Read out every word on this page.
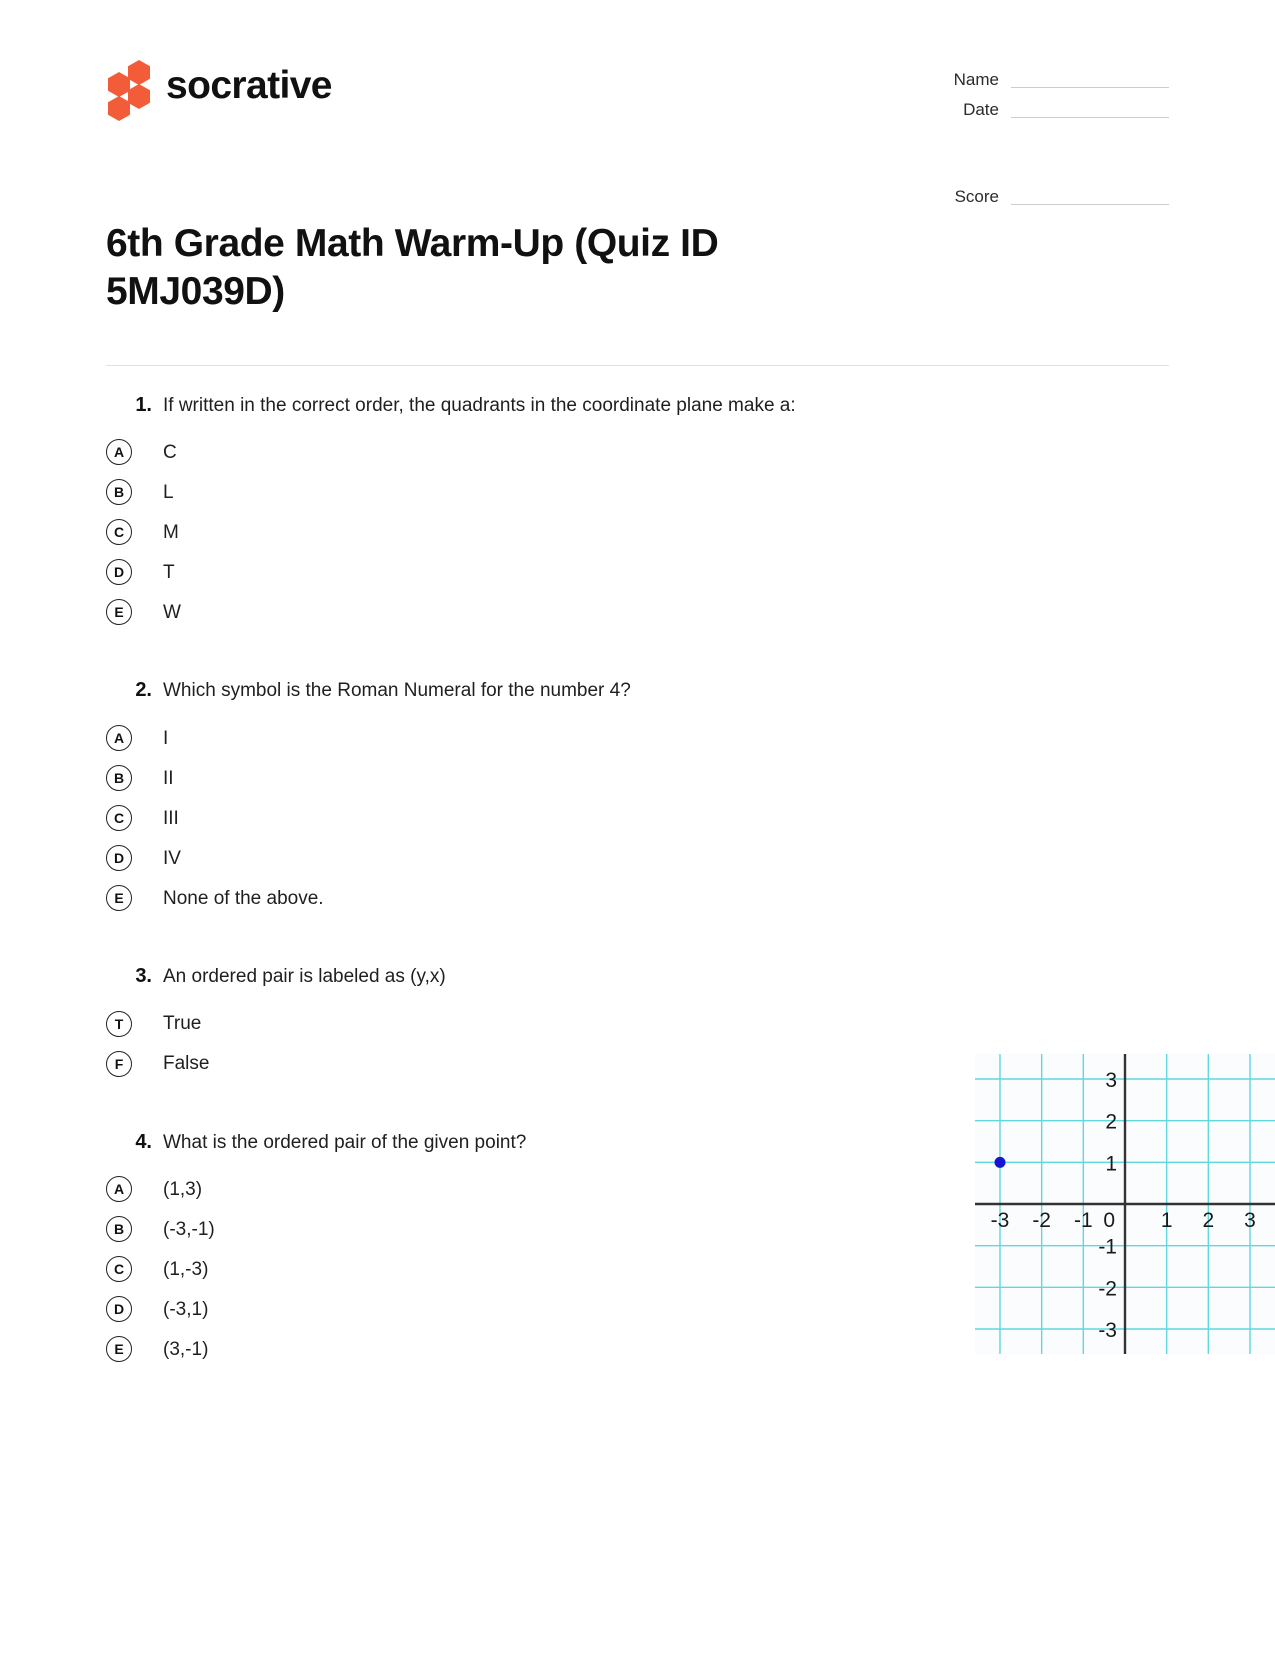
socrative	Name
Date
Score
6th Grade Math Warm-Up (Quiz ID 5MJ039D)
1. If written in the correct order, the quadrants in the coordinate plane make a:
A	C
B	L
C	M
D	T
E	W
2. Which symbol is the Roman Numeral for the number 4?
A	I
B	II
C	III
D	IV
E	None of the above.
3. An ordered pair is labeled as (y,x)
T	True
F	False
4. What is the ordered pair of the given point?
A	(1,3)
B	(-3,-1)
C	(1,-3)
D	(-3,1)
E	(3,-1)
-3 -2 -1 0 1 2 3
3
2
1
-1
-2
-3
